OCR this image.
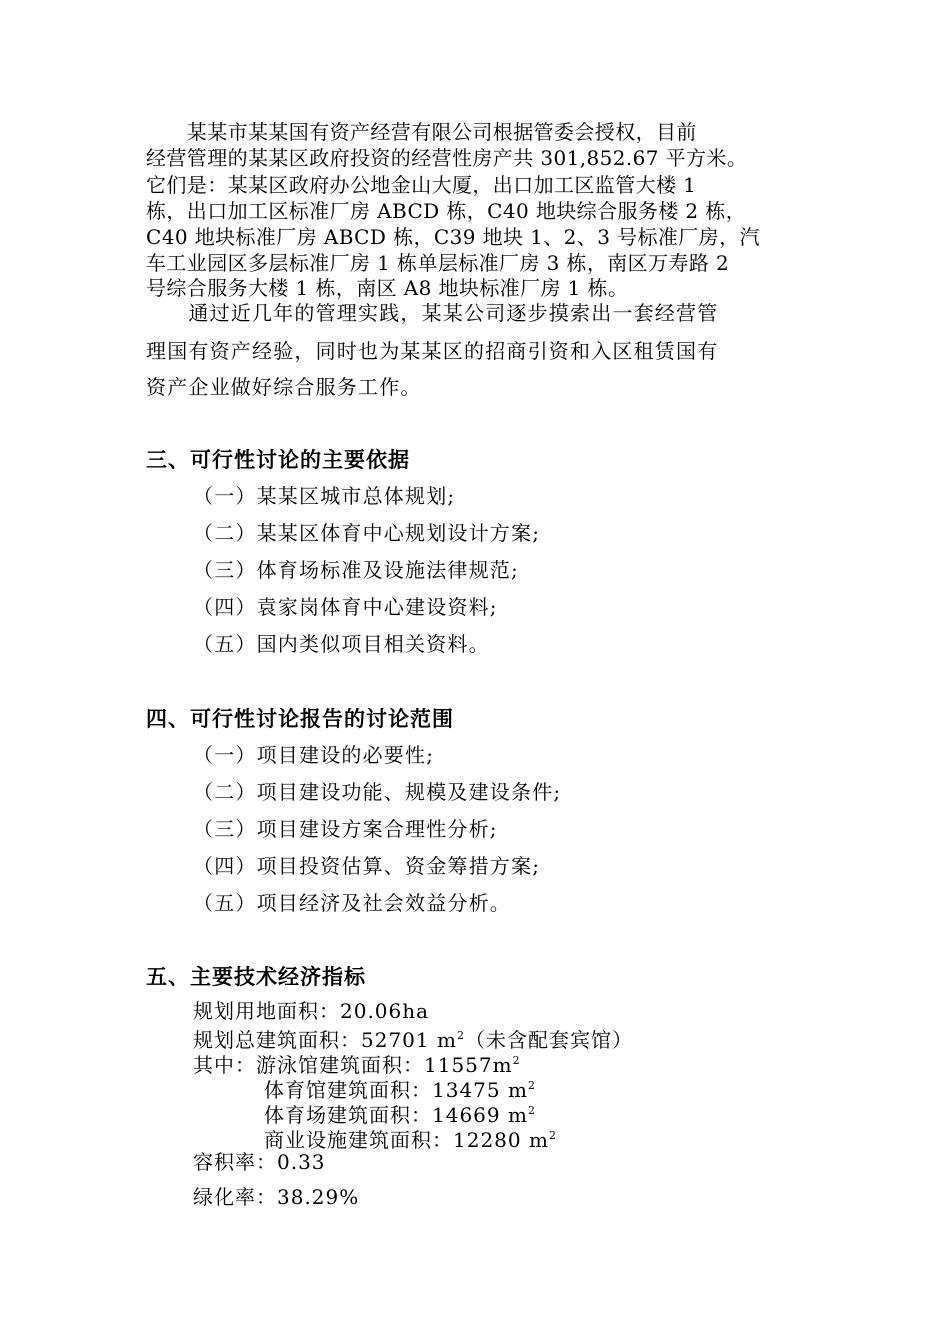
　　某某市某某国有资产经营有限公司根据管委会授权，目前
经营管理的某某区政府投资的经营性房产共 301,852.67 平方米。
它们是：某某区政府办公地金山大厦，出口加工区监管大楼 1
栋，出口加工区标准厂房 ABCD 栋，C40 地块综合服务楼 2 栋，
C40 地块标准厂房 ABCD 栋，C39 地块 1、2、3 号标准厂房，汽
车工业园区多层标准厂房 1 栋单层标准厂房 3 栋，南区万寿路 2
号综合服务大楼 1 栋，南区 A8 地块标准厂房 1 栋。
　　通过近几年的管理实践，某某公司逐步摸索出一套经营管
理国有资产经验，同时也为某某区的招商引资和入区租赁国有
资产企业做好综合服务工作。
三、可行性讨论的主要依据
（一）某某区城市总体规划;
（二）某某区体育中心规划设计方案;
（三）体育场标准及设施法律规范;
（四）袁家岗体育中心建设资料;
（五）国内类似项目相关资料。
四、可行性讨论报告的讨论范围
（一）项目建设的必要性;
（二）项目建设功能、规模及建设条件;
（三）项目建设方案合理性分析;
（四）项目投资估算、资金筹措方案;
（五）项目经济及社会效益分析。
五、主要技术经济指标
规划用地面积：20.06ha
规划总建筑面积：52701 $m^2$（未含配套宾馆）
其中：游泳馆建筑面积：$11557m^2$
体育馆建筑面积：13475 $m^2$
体育场建筑面积：14669 $m^2$
商业设施建筑面积：12280 $m^2$
容积率：0.33
绿化率：38.29%
